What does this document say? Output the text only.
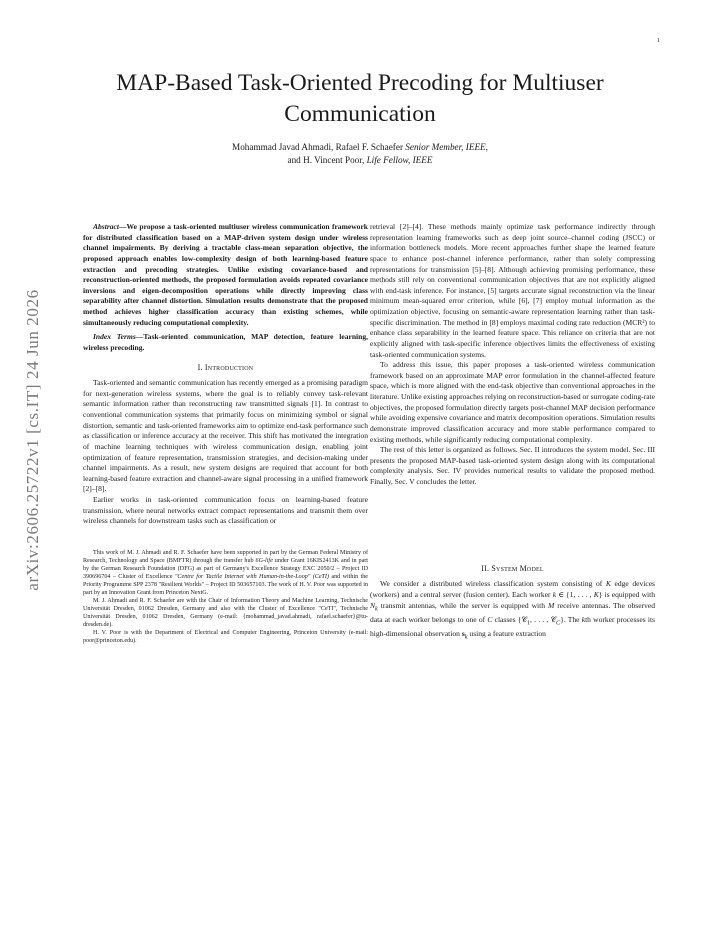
1
arXiv:2606.25722v1 [cs.IT] 24 Jun 2026
MAP-Based Task-Oriented Precoding for Multiuser Communication
Mohammad Javad Ahmadi, Rafael F. Schaefer Senior Member, IEEE,
and H. Vincent Poor, Life Fellow, IEEE

Abstract—We propose a task-oriented multiuser wireless communication framework for distributed classification based on a MAP-driven system design under wireless channel impairments. By deriving a tractable class-mean separation objective, the proposed approach enables low-complexity design of both learning-based feature extraction and precoding strategies. Unlike existing covariance-based and reconstruction-oriented methods, the proposed formulation avoids repeated covariance inversions and eigen-decomposition operations while directly improving class separability after channel distortion. Simulation results demonstrate that the proposed method achieves higher classification accuracy than existing schemes, while simultaneously reducing computational complexity.

Index Terms—Task-oriented communication, MAP detection, feature learning, wireless precoding.

I. Introduction

Task-oriented and semantic communication has recently emerged as a promising paradigm for next-generation wireless systems, where the goal is to reliably convey task-relevant semantic information rather than reconstructing raw transmitted signals [1]. In contrast to conventional communication systems that primarily focus on minimizing symbol or signal distortion, semantic and task-oriented frameworks aim to optimize end-task performance such as classification or inference accuracy at the receiver. This shift has motivated the integration of machine learning techniques with wireless communication design, enabling joint optimization of feature representation, transmission strategies, and decision-making under channel impairments. As a result, new system designs are required that account for both learning-based feature extraction and channel-aware signal processing in a unified framework [2]–[8].

Earlier works in task-oriented communication focus on learning-based feature transmission, where neural networks extract compact representations and transmit them over wireless channels for downstream tasks such as classification or

This work of M. J. Ahmadi and R. F. Schaefer have been supported in part by the German Federal Ministry of Research, Technology and Space (BMFTR) through the transfer hub 6G-life under Grant 16KIS2413K and in part by the German Research Foundation (DFG) as part of Germany's Excellence Strategy EXC 2050/2 – Project ID 390696704 – Cluster of Excellence "Centre for Tactile Internet with Human-in-the-Loop" (CeTI) and within the Priority Programme SPP 2378 "Resilient Worlds" – Project ID 503657103. The work of H. V. Poor was supported in part by an Innovation Grant from Princeton NextG.

M. J. Ahmadi and R. F. Schaefer are with the Chair of Information Theory and Machine Learning, Technische Universität Dresden, 01062 Dresden, Germany and also with the Cluster of Excellence "CeTI", Technische Universität Dresden, 01062 Dresden, Germany (e-mail: {mohammad_javad.ahmadi, rafael.schaefer}@tu-dresden.de).

H. V. Poor is with the Department of Electrical and Computer Engineering, Princeton University (e-mail: poor@princeton.edu).

retrieval [2]–[4]. These methods mainly optimize task performance indirectly through representation learning frameworks such as deep joint source–channel coding (JSCC) or information bottleneck models. More recent approaches further shape the learned feature space to enhance post-channel inference performance, rather than solely compressing representations for transmission [5]–[8]. Although achieving promising performance, these methods still rely on conventional communication objectives that are not explicitly aligned with end-task inference. For instance, [5] targets accurate signal reconstruction via the linear minimum mean-squared error criterion, while [6], [7] employ mutual information as the optimization objective, focusing on semantic-aware representation learning rather than task-specific discrimination. The method in [8] employs maximal coding rate reduction (MCR²) to enhance class separability in the learned feature space. This reliance on criteria that are not explicitly aligned with task-specific inference objectives limits the effectiveness of existing task-oriented communication systems.

To address this issue, this paper proposes a task-oriented wireless communication framework based on an approximate MAP error formulation in the channel-affected feature space, which is more aligned with the end-task objective than conventional approaches in the literature. Unlike existing approaches relying on reconstruction-based or surrogate coding-rate objectives, the proposed formulation directly targets post-channel MAP decision performance while avoiding expensive covariance and matrix decomposition operations. Simulation results demonstrate improved classification accuracy and more stable performance compared to existing methods, while significantly reducing computational complexity.

The rest of this letter is organized as follows. Sec. II introduces the system model. Sec. III presents the proposed MAP-based task-oriented system design along with its computational complexity analysis. Sec. IV provides numerical results to validate the proposed method. Finally, Sec. V concludes the letter.

II. System Model

We consider a distributed wireless classification system consisting of K edge devices (workers) and a central server (fusion center). Each worker k ∈ {1, . . . , K} is equipped with $N_k$ transmit antennas, while the server is equipped with M receive antennas. The observed data at each worker belongs to one of C classes {𝒞$_1$, . . . , 𝒞$_C$}. The kth worker processes its high-dimensional observation $s_k$ using a feature extraction
